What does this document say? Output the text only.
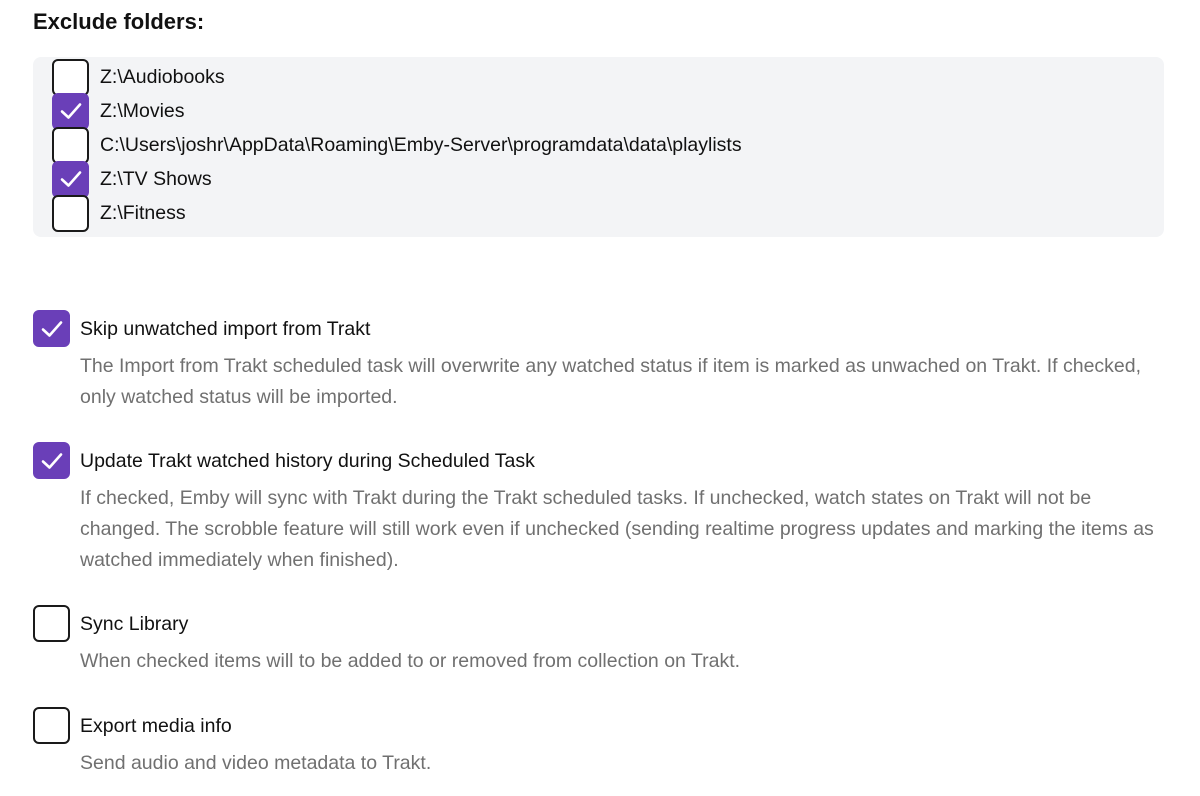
Exclude folders:
Z:\Audiobooks
Z:\Movies
C:\Users\joshr\AppData\Roaming\Emby-Server\programdata\data\playlists
Z:\TV Shows
Z:\Fitness
Skip unwatched import from Trakt
The Import from Trakt scheduled task will overwrite any watched status if item is marked as unwached on Trakt. If checked, only watched status will be imported.
Update Trakt watched history during Scheduled Task
If checked, Emby will sync with Trakt during the Trakt scheduled tasks. If unchecked, watch states on Trakt will not be changed. The scrobble feature will still work even if unchecked (sending realtime progress updates and marking the items as watched immediately when finished).
Sync Library
When checked items will to be added to or removed from collection on Trakt.
Export media info
Send audio and video metadata to Trakt.
